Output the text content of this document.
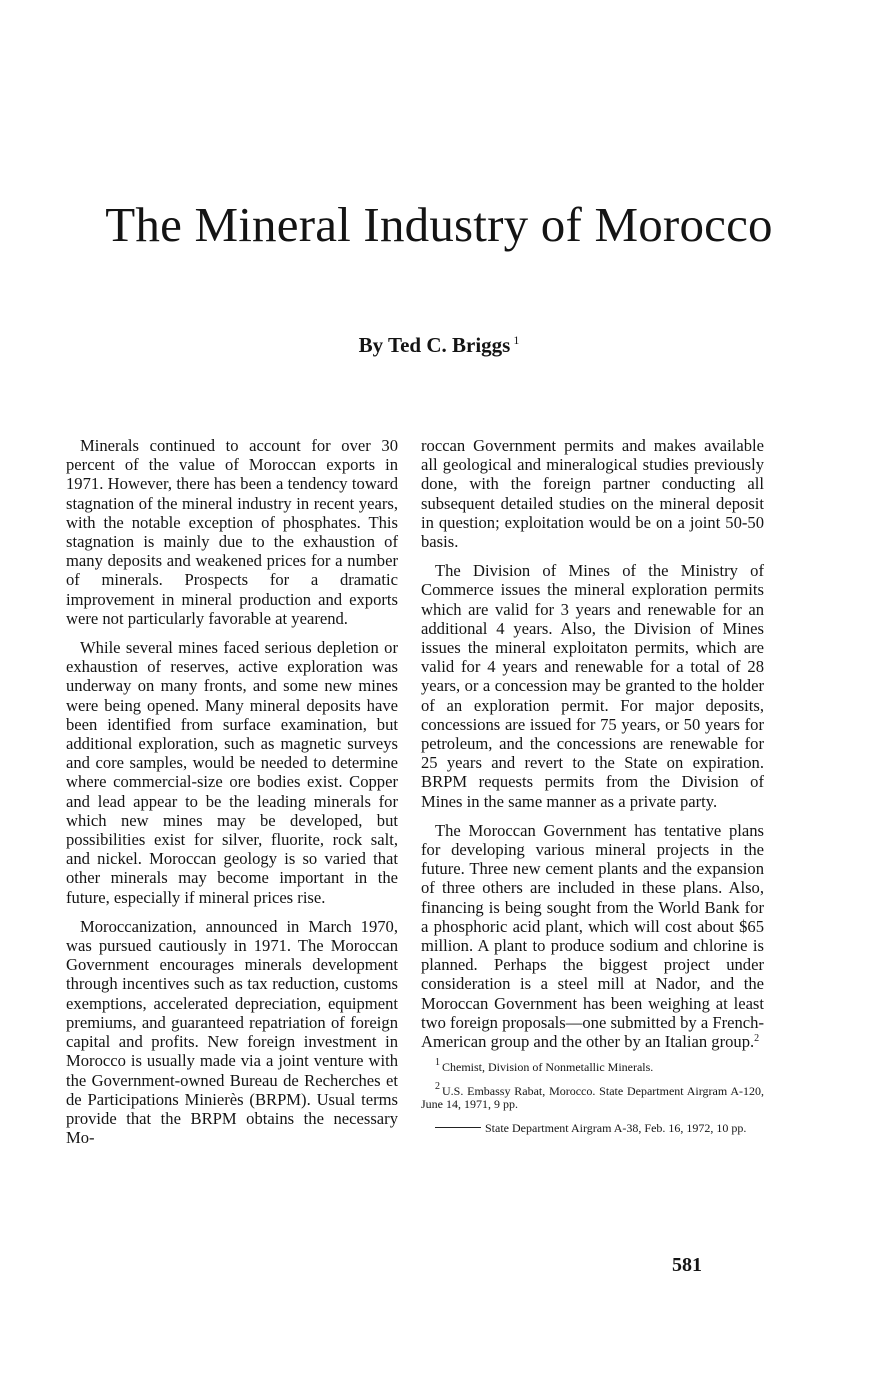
The Mineral Industry of Morocco
By Ted C. Briggs $^1$

Minerals continued to account for over 30 percent of the value of Moroccan exports in 1971. However, there has been a tendency toward stagnation of the mineral industry in recent years, with the notable exception of phosphates. This stagnation is mainly due to the exhaustion of many deposits and weakened prices for a number of minerals. Prospects for a dramatic improvement in mineral production and exports were not particularly favorable at yearend.

While several mines faced serious depletion or exhaustion of reserves, active exploration was underway on many fronts, and some new mines were being opened. Many mineral deposits have been identified from surface examination, but additional exploration, such as magnetic surveys and core samples, would be needed to determine where commercial-size ore bodies exist. Copper and lead appear to be the leading minerals for which new mines may be developed, but possibilities exist for silver, fluorite, rock salt, and nickel. Moroccan geology is so varied that other minerals may become important in the future, especially if mineral prices rise.

Moroccanization, announced in March 1970, was pursued cautiously in 1971. The Moroccan Government encourages minerals development through incentives such as tax reduction, customs exemptions, accelerated depreciation, equipment premiums, and guaranteed repatriation of foreign capital and profits. New foreign investment in Morocco is usually made via a joint venture with the Government-owned Bureau de Recherches et de Participations Minierès (BRPM). Usual terms provide that the BRPM obtains the necessary Mo-

roccan Government permits and makes available all geological and mineralogical studies previously done, with the foreign partner conducting all subsequent detailed studies on the mineral deposit in question; exploitation would be on a joint 50-50 basis.

The Division of Mines of the Ministry of Commerce issues the mineral exploration permits which are valid for 3 years and renewable for an additional 4 years. Also, the Division of Mines issues the mineral exploitaton permits, which are valid for 4 years and renewable for a total of 28 years, or a concession may be granted to the holder of an exploration permit. For major deposits, concessions are issued for 75 years, or 50 years for petroleum, and the concessions are renewable for 25 years and revert to the State on expiration. BRPM requests permits from the Division of Mines in the same manner as a private party.

The Moroccan Government has tentative plans for developing various mineral projects in the future. Three new cement plants and the expansion of three others are included in these plans. Also, financing is being sought from the World Bank for a phosphoric acid plant, which will cost about $65 million. A plant to produce sodium and chlorine is planned. Perhaps the biggest project under consideration is a steel mill at Nador, and the Moroccan Government has been weighing at least two foreign proposals—one submitted by a French-American group and the other by an Italian group.$^2$

$^1$ Chemist, Division of Nonmetallic Minerals.

$^2$ U.S. Embassy Rabat, Morocco. State Department Airgram A-120, June 14, 1971, 9 pp.

State Department Airgram A-38, Feb. 16, 1972, 10 pp.

581
